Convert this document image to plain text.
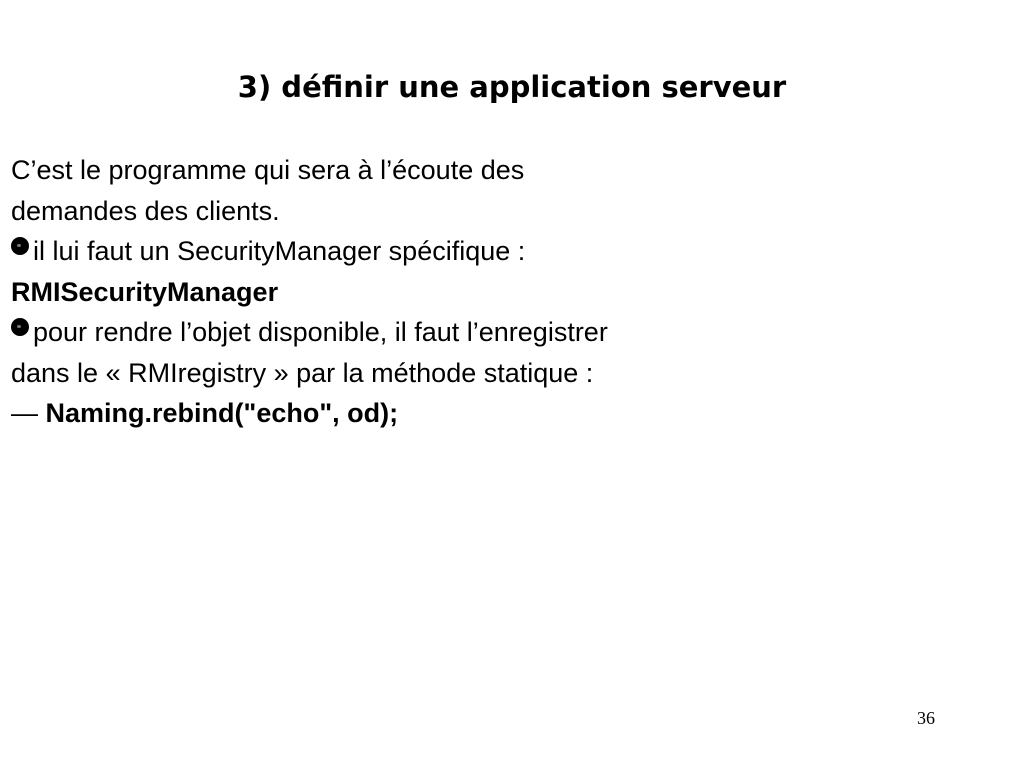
3) définir une application serveur
C’est le programme qui sera à l’écoute des
demandes des clients.
il lui faut un SecurityManager spécifique :
RMISecurityManager
pour rendre l’objet disponible, il faut l’enregistrer
dans le « RMIregistry » par la méthode statique :
— Naming.rebind("echo", od);
36
